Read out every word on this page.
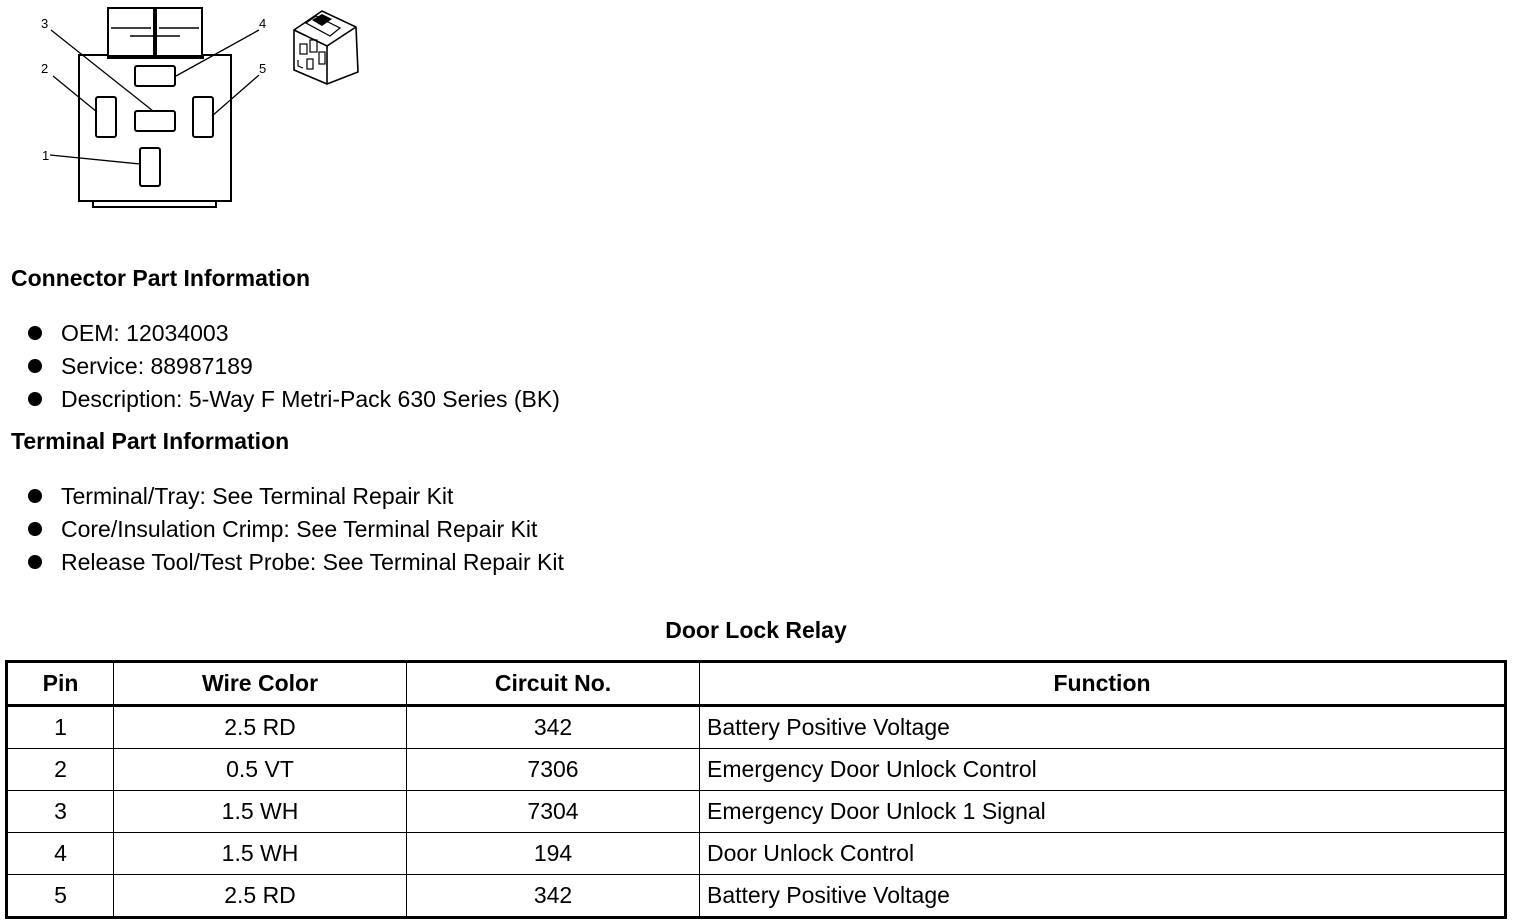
1
2
3	4
5
Connector Part Information
OEM: 12034003
Service: 88987189
Description: 5-Way F Metri-Pack 630 Series (BK)
Terminal Part Information
Terminal/Tray: See Terminal Repair Kit
Core/Insulation Crimp: See Terminal Repair Kit
Release Tool/Test Probe: See Terminal Repair Kit
Door Lock Relay
Pin	Wire Color	Circuit No.	Function
1	2.5 RD	342	Battery Positive Voltage
2	0.5 VT	7306	Emergency Door Unlock Control
3	1.5 WH	7304	Emergency Door Unlock 1 Signal
4	1.5 WH	194	Door Unlock Control
5	2.5 RD	342	Battery Positive Voltage
